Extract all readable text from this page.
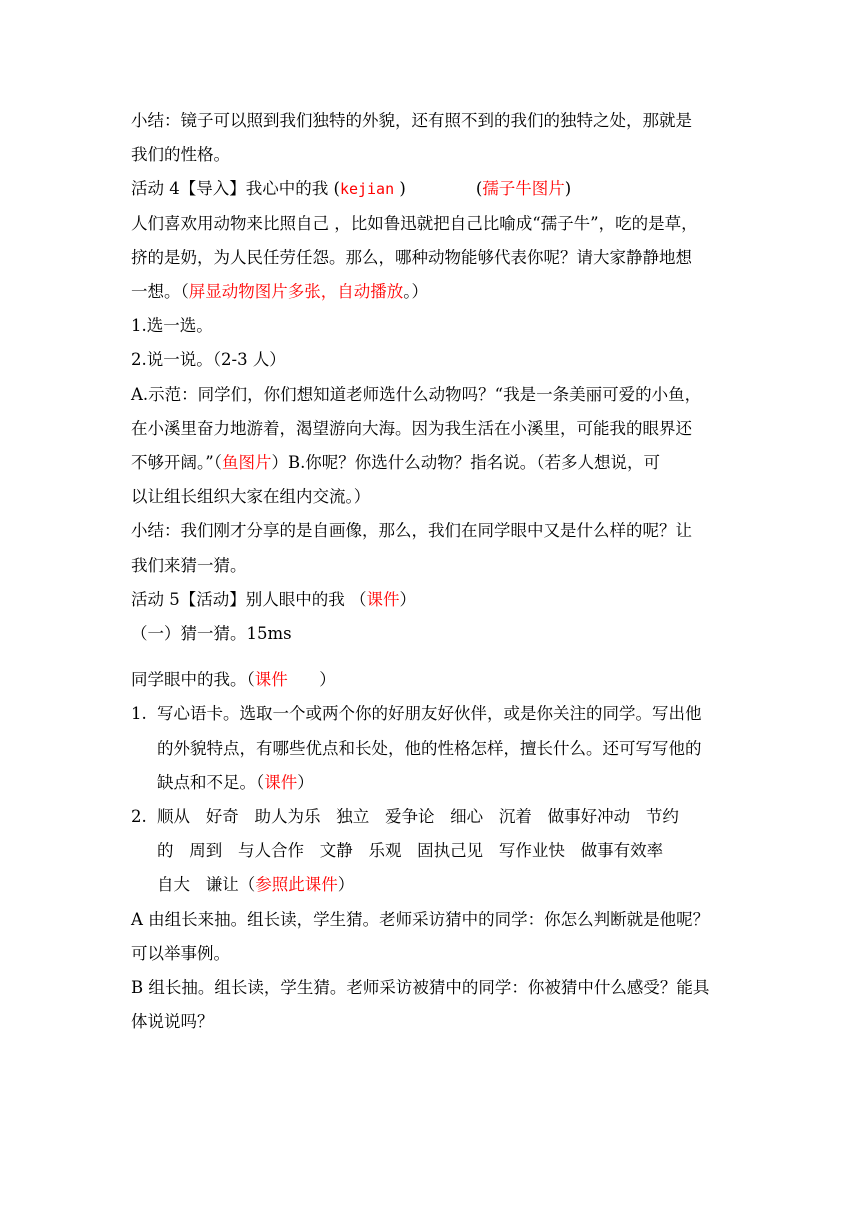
小结：镜子可以照到我们独特的外貌，还有照不到的我们的独特之处，那就是
我们的性格。

活动 4【导入】我心中的我 (kejian )	(孺子牛图片)

人们喜欢用动物来比照自己 ，比如鲁迅就把自己比喻成“孺子牛”，吃的是草，
挤的是奶，为人民任劳任怨。那么，哪种动物能够代表你呢？请大家静静地想
一想。（屏显动物图片多张，自动播放。）

1.选一选。

2.说一说。（2-3 人）

A.示范：同学们，你们想知道老师选什么动物吗？“我是一条美丽可爱的小鱼，
在小溪里奋力地游着，渴望游向大海。因为我生活在小溪里，可能我的眼界还
不够开阔。”（鱼图片）B.你呢？你选什么动物？指名说。（若多人想说，可
以让组长组织大家在组内交流。）

小结：我们刚才分享的是自画像，那么，我们在同学眼中又是什么样的呢？让
我们来猜一猜。

活动 5【活动】别人眼中的我 （课件）

（一）猜一猜。15ms

同学眼中的我。（课件      ）

1. 写心语卡。选取一个或两个你的好朋友好伙伴，或是你关注的同学。写出他
的外貌特点，有哪些优点和长处，他的性格怎样，擅长什么。还可写写他的
缺点和不足。（课件）
2. 顺从   好奇   助人为乐   独立   爱争论   细心   沉着   做事好冲动   节约
的   周到   与人合作   文静   乐观   固执己见   写作业快   做事有效率
自大   谦让（参照此课件）

A 由组长来抽。组长读，学生猜。老师采访猜中的同学：你怎么判断就是他呢？
可以举事例。

B 组长抽。组长读，学生猜。老师采访被猜中的同学：你被猜中什么感受？能具
体说说吗？
